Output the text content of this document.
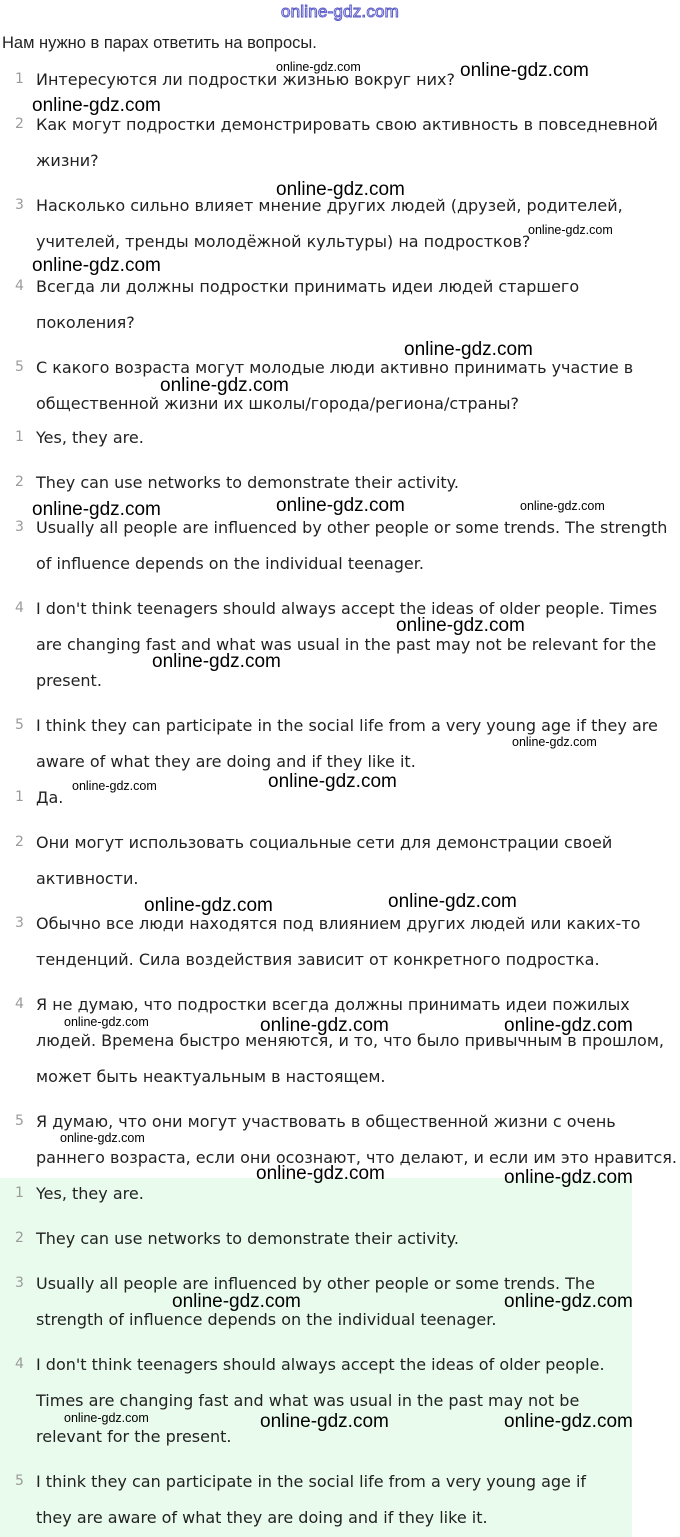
online-gdz.com
Нам нужно в парах ответить на вопросы.
1 Интересуются ли подростки жизнью вокруг них?
2 Как могут подростки демонстрировать свою активность в повседневной жизни?
3 Насколько сильно влияет мнение других людей (друзей, родителей, учителей, тренды молодёжной культуры) на подростков?
4 Всегда ли должны подростки принимать идеи людей старшего поколения?
5 С какого возраста могут молодые люди активно принимать участие в общественной жизни их школы/города/региона/страны?
1 Yes, they are.
2 They can use networks to demonstrate their activity.
3 Usually all people are influenced by other people or some trends. The strength of influence depends on the individual teenager.
4 I don't think teenagers should always accept the ideas of older people. Times are changing fast and what was usual in the past may not be relevant for the present.
5 I think they can participate in the social life from a very young age if they are aware of what they are doing and if they like it.
1 Да.
2 Они могут использовать социальные сети для демонстрации своей активности.
3 Обычно все люди находятся под влиянием других людей или каких-то тенденций. Сила воздействия зависит от конкретного подростка.
4 Я не думаю, что подростки всегда должны принимать идеи пожилых людей. Времена быстро меняются, и то, что было привычным в прошлом, может быть неактуальным в настоящем.
5 Я думаю, что они могут участвовать в общественной жизни с очень раннего возраста, если они осознают, что делают, и если им это нравится.
1 Yes, they are.
2 They can use networks to demonstrate their activity.
3 Usually all people are influenced by other people or some trends. The strength of influence depends on the individual teenager.
4 I don't think teenagers should always accept the ideas of older people. Times are changing fast and what was usual in the past may not be relevant for the present.
5 I think they can participate in the social life from a very young age if they are aware of what they are doing and if they like it.
online-gdz.com	online-gdz.com
online-gdz.com
online-gdz.com
online-gdz.com
online-gdz.com
online-gdz.com
online-gdz.com
online-gdz.com	online-gdz.com	online-gdz.com
online-gdz.com
online-gdz.com
online-gdz.com
online-gdz.com
online-gdz.com
online-gdz.com
online-gdz.com
online-gdz.com	online-gdz.com	online-gdz.com
online-gdz.com
online-gdz.com	online-gdz.com
online-gdz.com	online-gdz.com
online-gdz.com	online-gdz.com	online-gdz.com
